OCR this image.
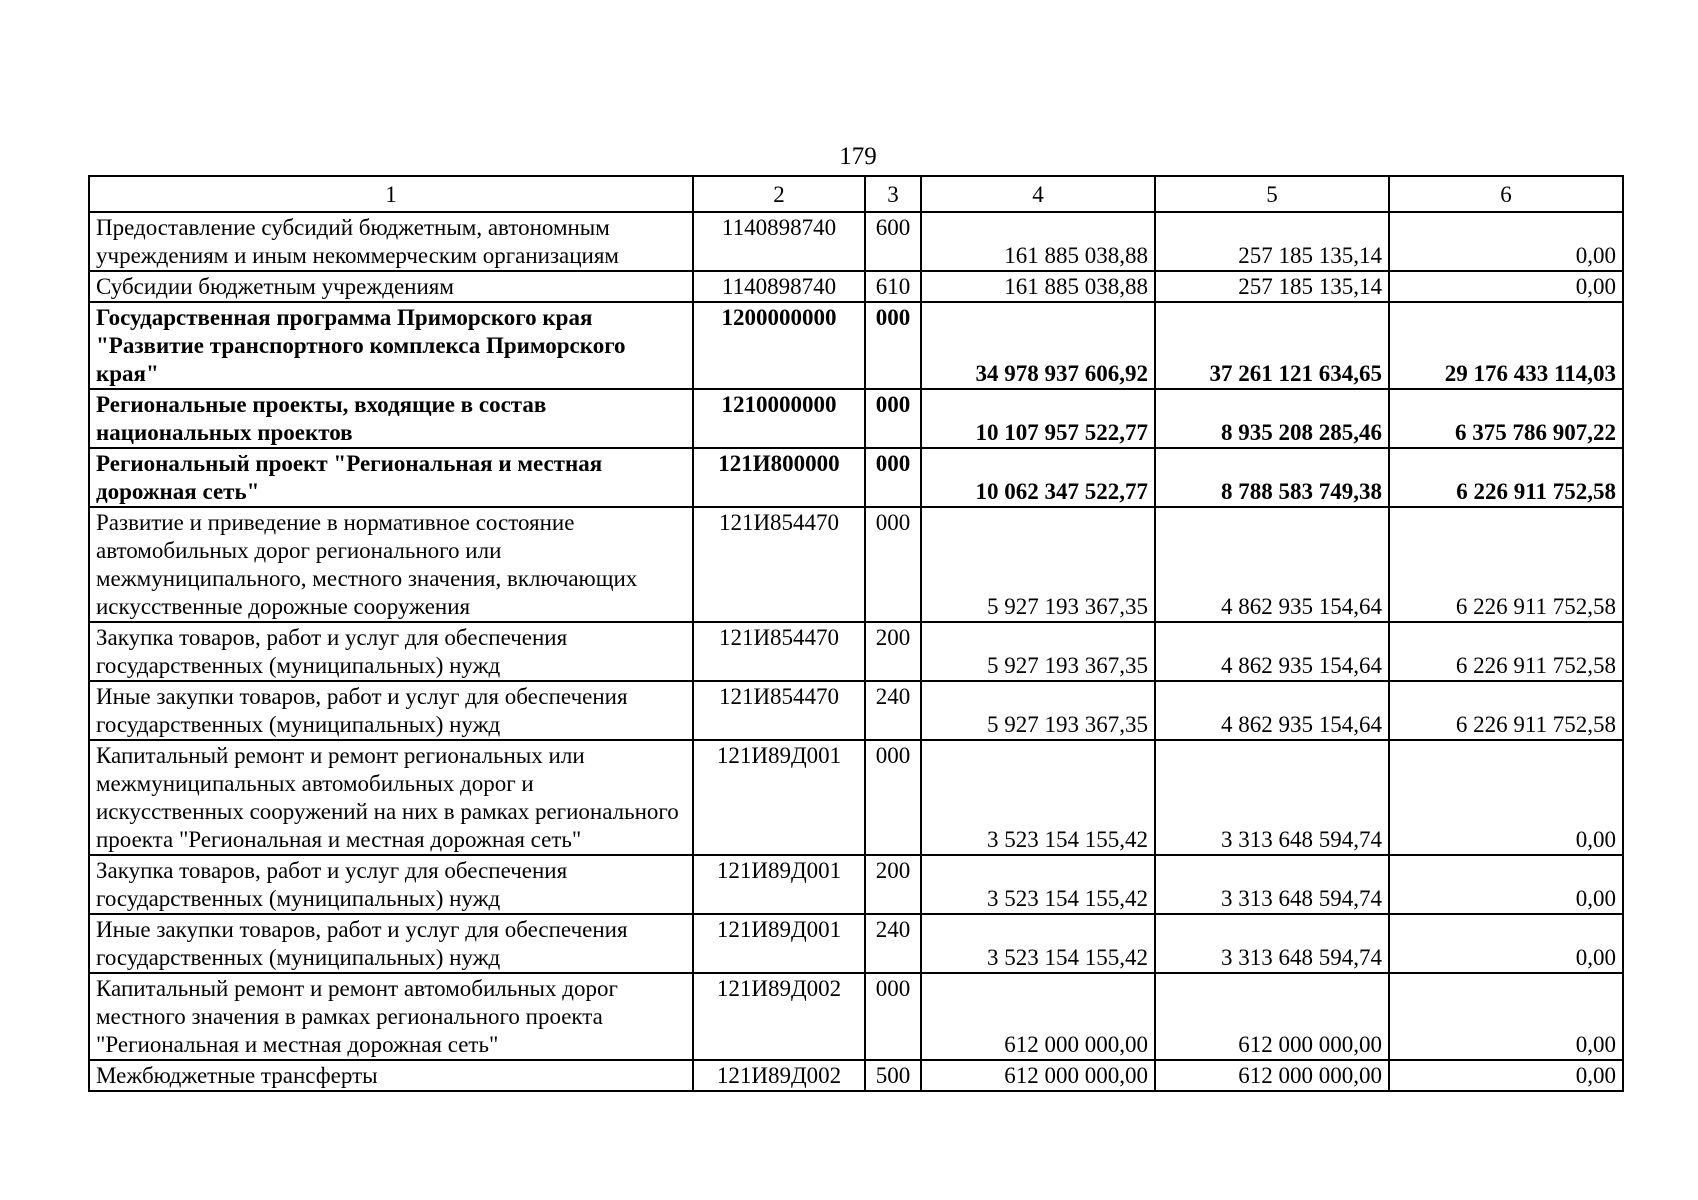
179
1	2	3	4	5	6
Предоставление субсидий бюджетным, автономным учреждениям и иным некоммерческим организациям	1140898740	600	161 885 038,88	257 185 135,14	0,00
Субсидии бюджетным учреждениям	1140898740	610	161 885 038,88	257 185 135,14	0,00
Государственная программа Приморского края "Развитие транспортного комплекса Приморского края"	1200000000	000	34 978 937 606,92	37 261 121 634,65	29 176 433 114,03
Региональные проекты, входящие в состав национальных проектов	1210000000	000	10 107 957 522,77	8 935 208 285,46	6 375 786 907,22
Региональный проект "Региональная и местная дорожная сеть"	121И800000	000	10 062 347 522,77	8 788 583 749,38	6 226 911 752,58
Развитие и приведение в нормативное состояние автомобильных дорог регионального или межмуниципального, местного значения, включающих искусственные дорожные сооружения	121И854470	000	5 927 193 367,35	4 862 935 154,64	6 226 911 752,58
Закупка товаров, работ и услуг для обеспечения государственных (муниципальных) нужд	121И854470	200	5 927 193 367,35	4 862 935 154,64	6 226 911 752,58
Иные закупки товаров, работ и услуг для обеспечения государственных (муниципальных) нужд	121И854470	240	5 927 193 367,35	4 862 935 154,64	6 226 911 752,58
Капитальный ремонт и ремонт региональных или межмуниципальных автомобильных дорог и искусственных сооружений на них в рамках регионального проекта "Региональная и местная дорожная сеть"	121И89Д001	000	3 523 154 155,42	3 313 648 594,74	0,00
Закупка товаров, работ и услуг для обеспечения государственных (муниципальных) нужд	121И89Д001	200	3 523 154 155,42	3 313 648 594,74	0,00
Иные закупки товаров, работ и услуг для обеспечения государственных (муниципальных) нужд	121И89Д001	240	3 523 154 155,42	3 313 648 594,74	0,00
Капитальный ремонт и ремонт автомобильных дорог местного значения в рамках регионального проекта "Региональная и местная дорожная сеть"	121И89Д002	000	612 000 000,00	612 000 000,00	0,00
Межбюджетные трансферты	121И89Д002	500	612 000 000,00	612 000 000,00	0,00
